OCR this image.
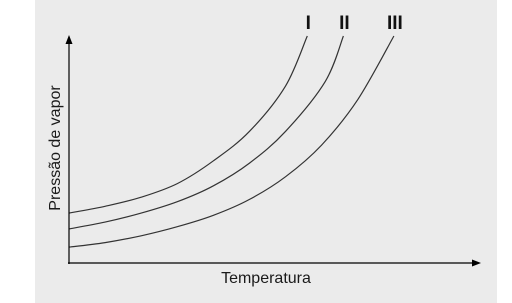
I II III
Temperatura
Pressão de vapor
